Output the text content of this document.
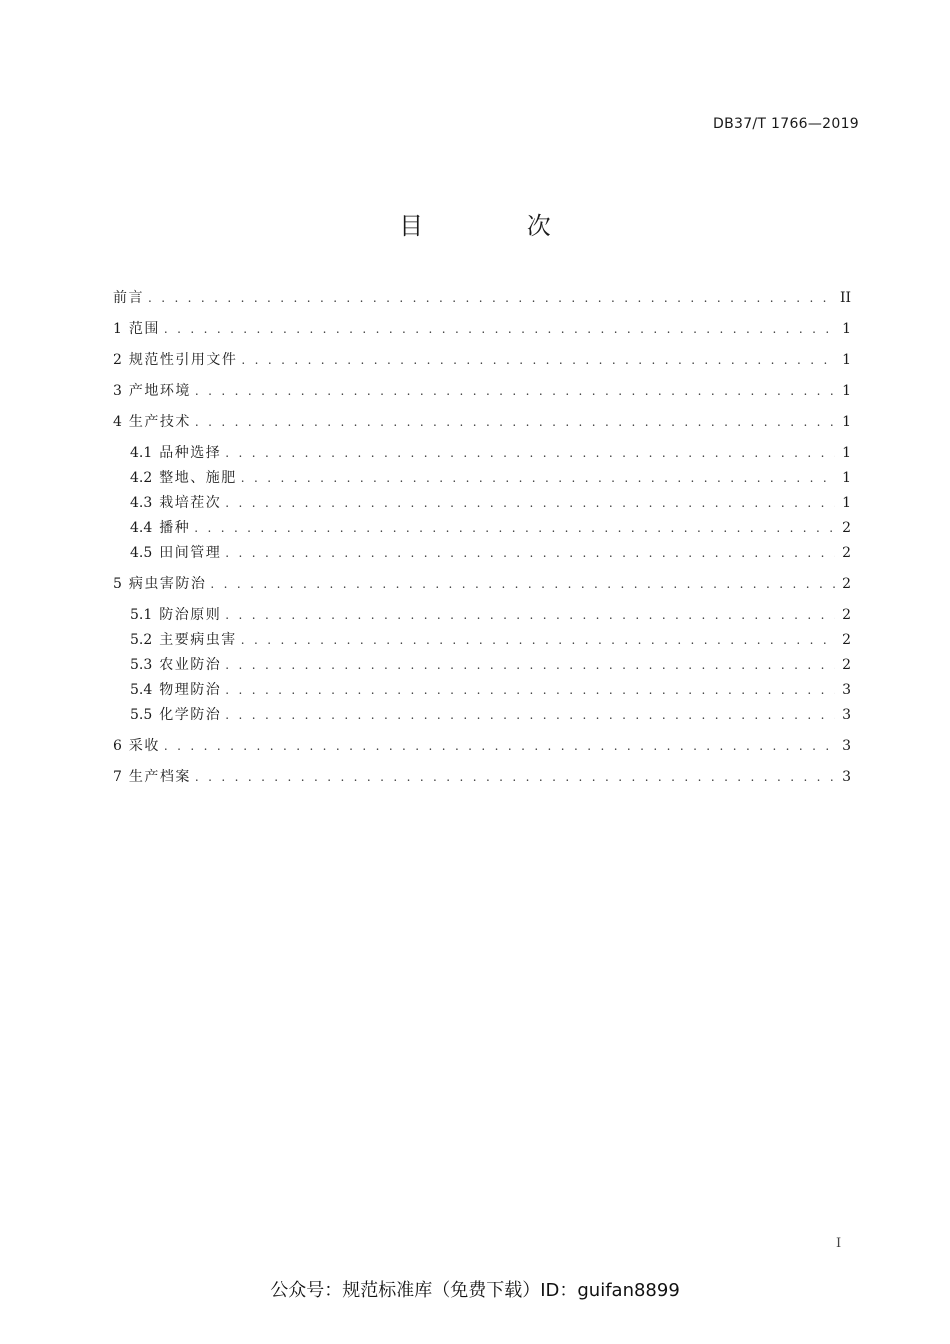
DB37/T 1766—2019
目 次
前言 . . .	II
1 范围 . . .	1
2 规范性引用文件 . . .	1
3 产地环境 . . .	1
4 生产技术 . . .	1
4.1 品种选择 . . .	1
4.2 整地、施肥 . . .	1
4.3 栽培茬次 . . .	1
4.4 播种 . . .	2
4.5 田间管理 . . .	2
5 病虫害防治 . . .	2
5.1 防治原则 . . .	2
5.2 主要病虫害 . . .	2
5.3 农业防治 . . .	2
5.4 物理防治 . . .	3
5.5 化学防治 . . .	3
6 采收 . . .	3
7 生产档案 . . .	3
I
公众号：规范标准库（免费下载）ID：guifan8899
